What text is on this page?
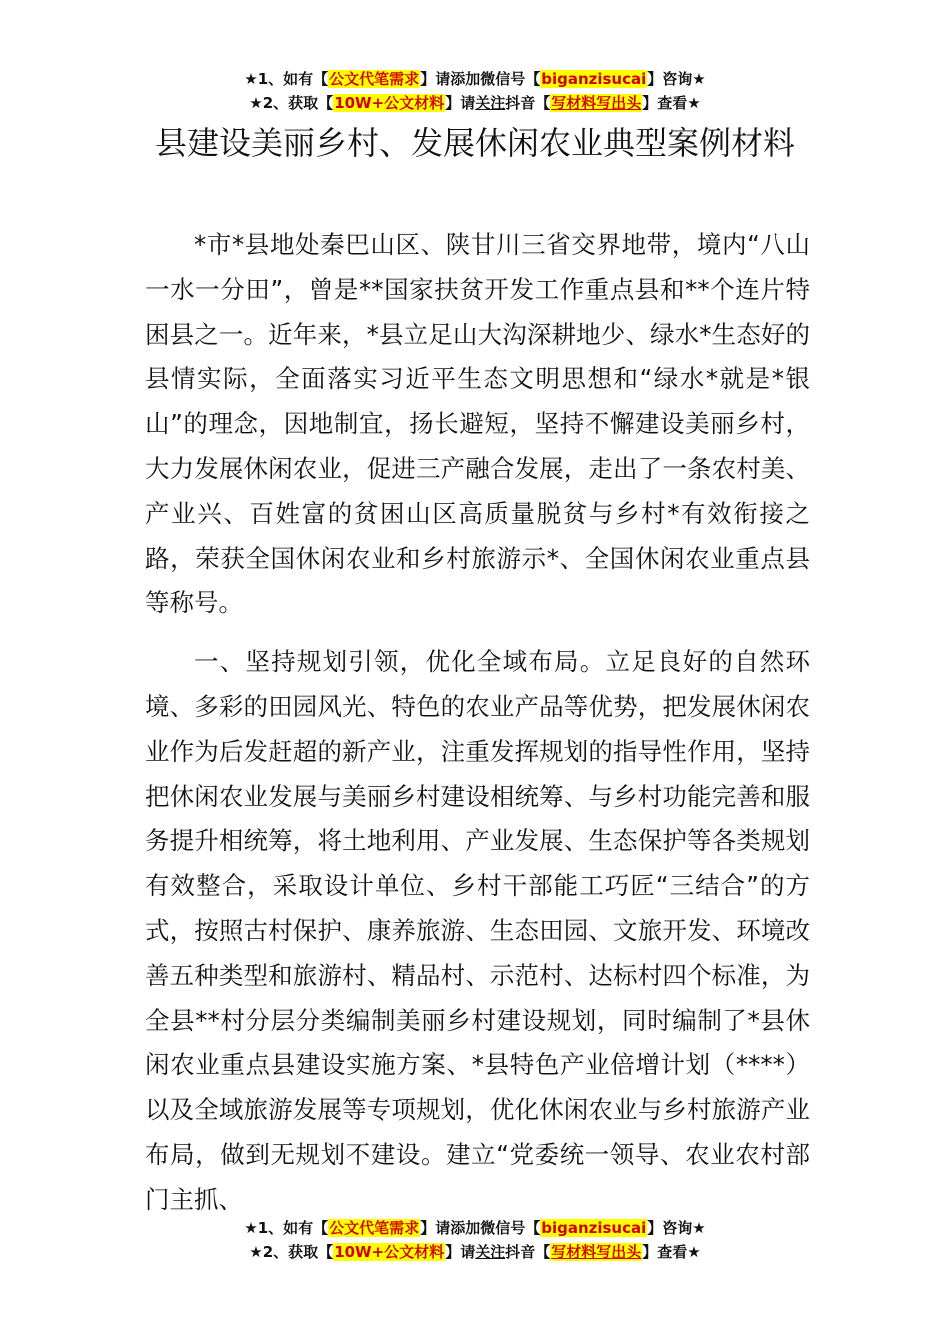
★1、如有【公文代笔需求】请添加微信号【biganzisucai】咨询★
★2、获取【10W+公文材料】请关注抖音【写材料写出头】查看★
县建设美丽乡村、发展休闲农业典型案例材料

*市*县地处秦巴山区、陕甘川三省交界地带，境内“八山一水一分田”，曾是**国家扶贫开发工作重点县和**个连片特困县之一。近年来，*县立足山大沟深耕地少、绿水*生态好的县情实际，全面落实习近平生态文明思想和“绿水*就是*银山”的理念，因地制宜，扬长避短，坚持不懈建设美丽乡村，大力发展休闲农业，促进三产融合发展，走出了一条农村美、产业兴、百姓富的贫困山区高质量脱贫与乡村*有效衔接之路，荣获全国休闲农业和乡村旅游示*、全国休闲农业重点县等称号。

一、坚持规划引领，优化全域布局。立足良好的自然环境、多彩的田园风光、特色的农业产品等优势，把发展休闲农业作为后发赶超的新产业，注重发挥规划的指导性作用，坚持把休闲农业发展与美丽乡村建设相统筹、与乡村功能完善和服务提升相统筹，将土地利用、产业发展、生态保护等各类规划有效整合，采取设计单位、乡村干部能工巧匠“三结合”的方式，按照古村保护、康养旅游、生态田园、文旅开发、环境改善五种类型和旅游村、精品村、示范村、达标村四个标准，为全县**村分层分类编制美丽乡村建设规划，同时编制了*县休闲农业重点县建设实施方案、*县特色产业倍增计划（****）以及全域旅游发展等专项规划，优化休闲农业与乡村旅游产业布局，做到无规划不建设。建立“党委统一领导、农业农村部门主抓、

★1、如有【公文代笔需求】请添加微信号【biganzisucai】咨询★
★2、获取【10W+公文材料】请关注抖音【写材料写出头】查看★
